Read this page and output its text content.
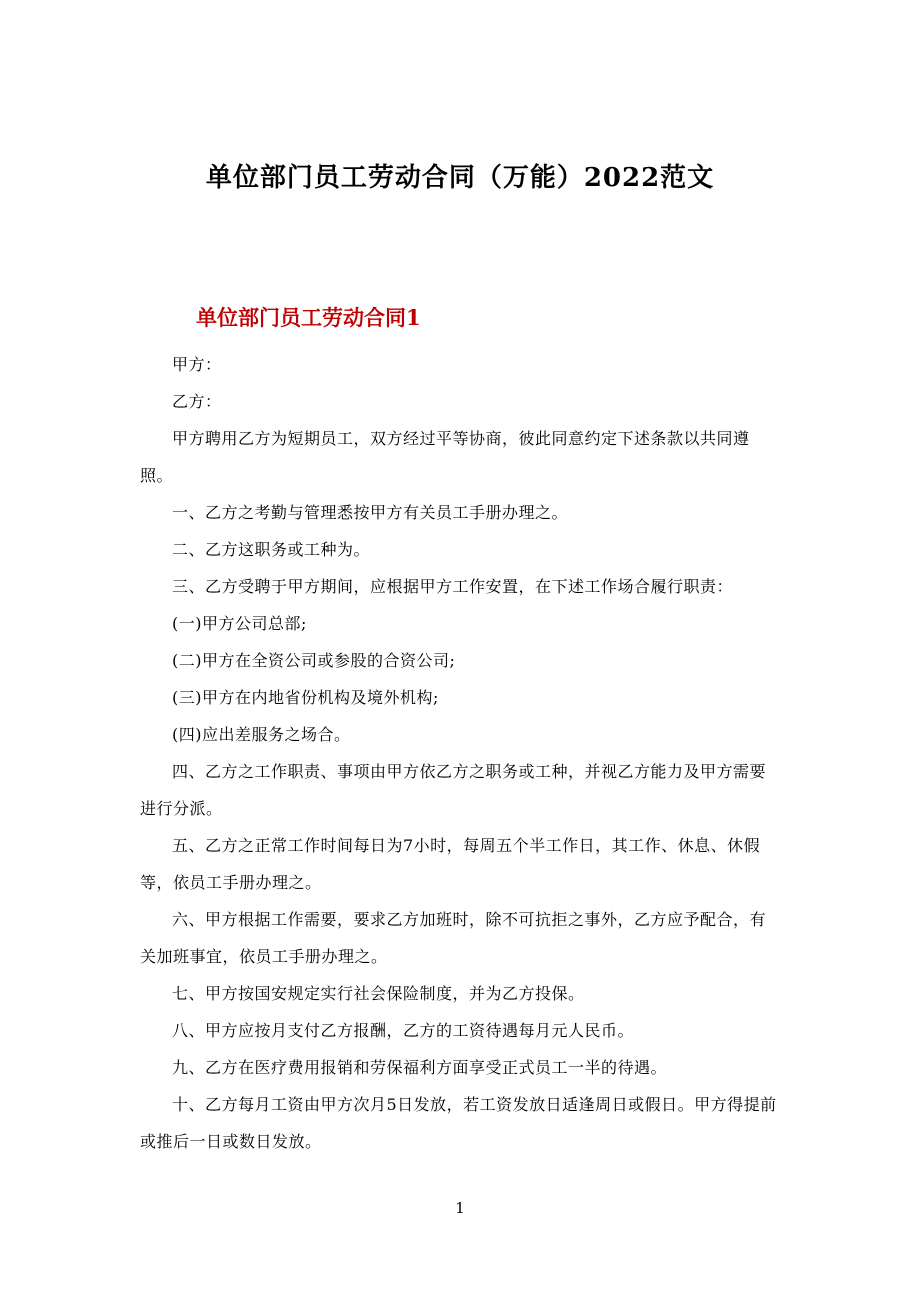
单位部门员工劳动合同（万能）2022范文
单位部门员工劳动合同1

甲方：

乙方：

甲方聘用乙方为短期员工，双方经过平等协商，彼此同意约定下述条款以共同遵照。

一、乙方之考勤与管理悉按甲方有关员工手册办理之。

二、乙方这职务或工种为。

三、乙方受聘于甲方期间，应根据甲方工作安置，在下述工作场合履行职责：

(一)甲方公司总部;

(二)甲方在全资公司或参股的合资公司;

(三)甲方在内地省份机构及境外机构;

(四)应出差服务之场合。

四、乙方之工作职责、事项由甲方依乙方之职务或工种，并视乙方能力及甲方需要进行分派。

五、乙方之正常工作时间每日为7小时，每周五个半工作日，其工作、休息、休假等，依员工手册办理之。

六、甲方根据工作需要，要求乙方加班时，除不可抗拒之事外，乙方应予配合，有关加班事宜，依员工手册办理之。

七、甲方按国安规定实行社会保险制度，并为乙方投保。

八、甲方应按月支付乙方报酬，乙方的工资待遇每月元人民币。

九、乙方在医疗费用报销和劳保福利方面享受正式员工一半的待遇。

十、乙方每月工资由甲方次月5日发放，若工资发放日适逢周日或假日。甲方得提前或推后一日或数日发放。

1
